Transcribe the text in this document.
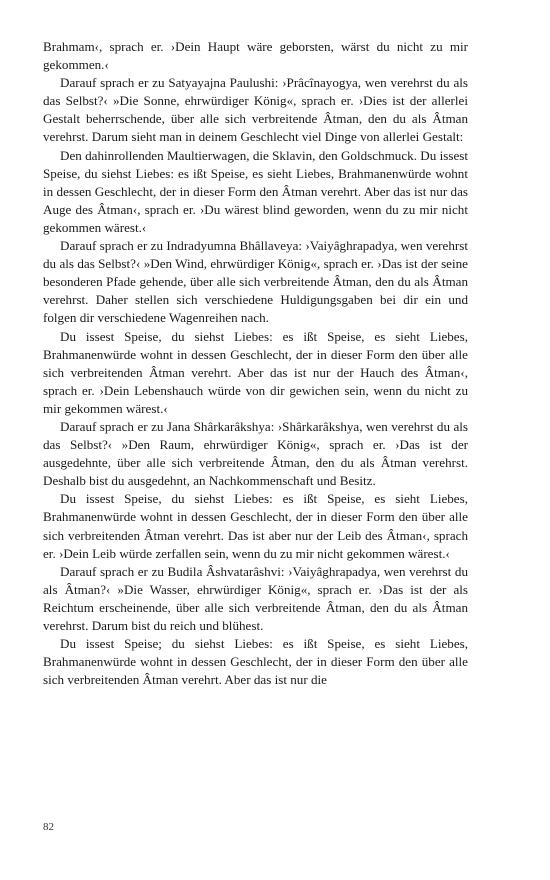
Brahmam‹, sprach er. ›Dein Haupt wäre geborsten, wärst du nicht zu mir gekommen.‹

Darauf sprach er zu Satyayajna Paulushi: ›Prâcînayogya, wen verehrst du als das Selbst?‹ »Die Sonne, ehrwürdiger König«, sprach er. ›Dies ist der allerlei Gestalt beherrschende, über alle sich verbreitende Âtman, den du als Âtman verehrst. Darum sieht man in deinem Geschlecht viel Dinge von allerlei Gestalt:

Den dahinrollenden Maultierwagen, die Sklavin, den Goldschmuck. Du issest Speise, du siehst Liebes: es ißt Speise, es sieht Liebes, Brahmanenwürde wohnt in dessen Geschlecht, der in dieser Form den Âtman verehrt. Aber das ist nur das Auge des Âtman‹, sprach er. ›Du wärest blind geworden, wenn du zu mir nicht gekommen wärest.‹

Darauf sprach er zu Indradyumna Bhâllaveya: ›Vaiyâghrapadya, wen verehrst du als das Selbst?‹ »Den Wind, ehrwürdiger König«, sprach er. ›Das ist der seine besonderen Pfade gehende, über alle sich verbreitende Âtman, den du als Âtman verehrst. Daher stellen sich verschiedene Huldigungsgaben bei dir ein und folgen dir verschiedene Wagenreihen nach.

Du issest Speise, du siehst Liebes: es ißt Speise, es sieht Liebes, Brahmanenwürde wohnt in dessen Geschlecht, der in dieser Form den über alle sich verbreitenden Âtman verehrt. Aber das ist nur der Hauch des Âtman‹, sprach er. ›Dein Lebenshauch würde von dir gewichen sein, wenn du nicht zu mir gekommen wärest.‹

Darauf sprach er zu Jana Shârkarâkshya: ›Shârkarâkshya, wen verehrst du als das Selbst?‹ »Den Raum, ehrwürdiger König«, sprach er. ›Das ist der ausgedehnte, über alle sich verbreitende Âtman, den du als Âtman verehrst. Deshalb bist du ausgedehnt, an Nachkommenschaft und Besitz.

Du issest Speise, du siehst Liebes: es ißt Speise, es sieht Liebes, Brahmanenwürde wohnt in dessen Geschlecht, der in dieser Form den über alle sich verbreitenden Âtman verehrt. Das ist aber nur der Leib des Âtman‹, sprach er. ›Dein Leib würde zerfallen sein, wenn du zu mir nicht gekommen wärest.‹

Darauf sprach er zu Budila Âshvatarâshvi: ›Vaiyâghrapadya, wen verehrst du als Âtman?‹ »Die Wasser, ehrwürdiger König«, sprach er. ›Das ist der als Reichtum erscheinende, über alle sich verbreitende Âtman, den du als Âtman verehrst. Darum bist du reich und blühest.

Du issest Speise; du siehst Liebes: es ißt Speise, es sieht Liebes, Brahmanenwürde wohnt in dessen Geschlecht, der in dieser Form den über alle sich verbreitenden Âtman verehrt. Aber das ist nur die

82
